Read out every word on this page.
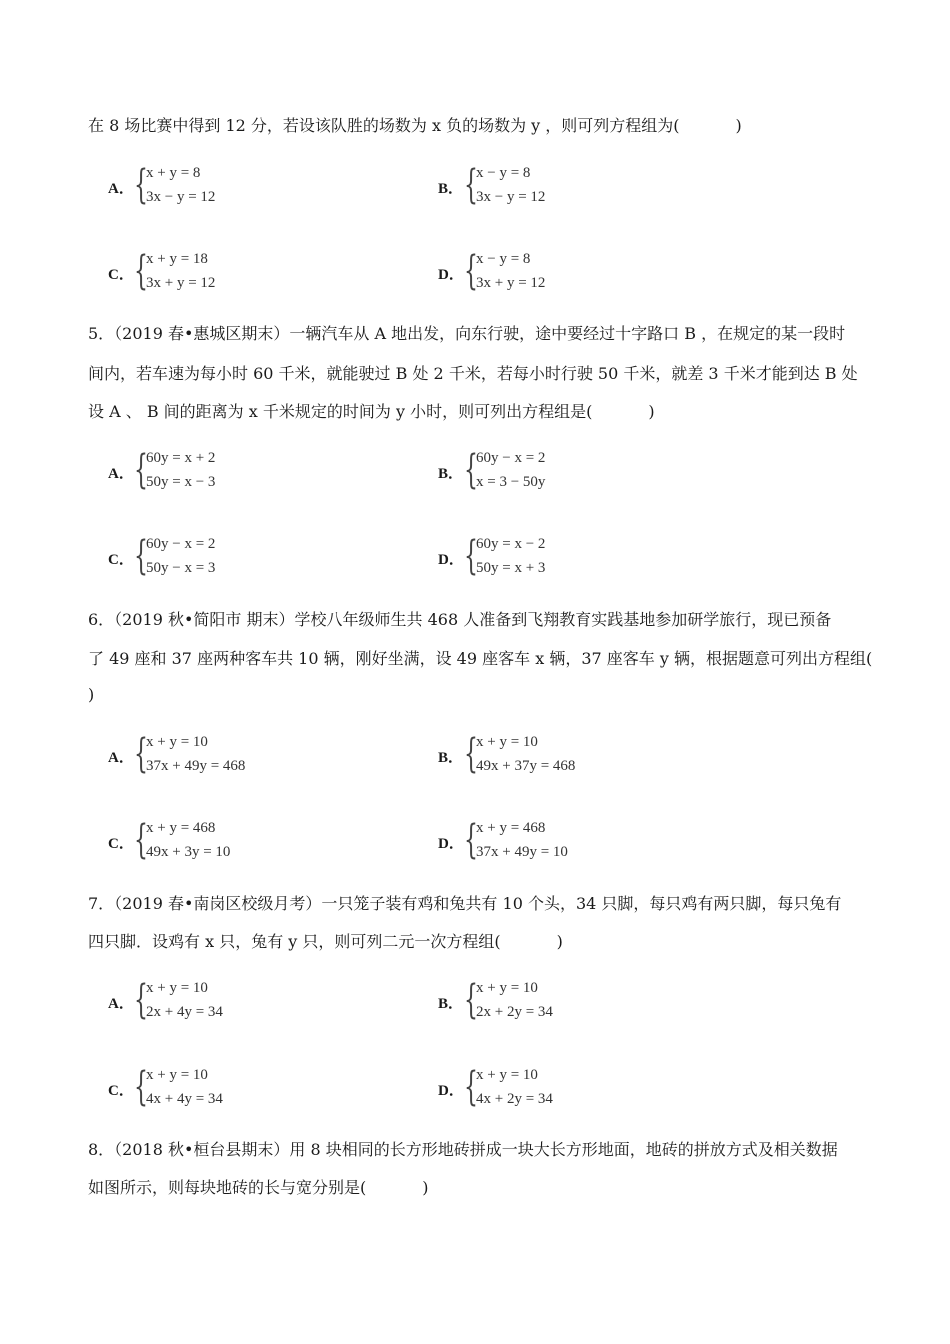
在 8 场比赛中得到 12 分，若设该队胜的场数为 x 负的场数为 y ，则可列方程组为(	)
A． {
x + y = 8
3x − y = 12	B． {
x − y = 8
3x − y = 12
C． {
x + y = 18
3x + y = 12	D． {
x − y = 8
3x + y = 12
5．（2019 春•惠城区期末）一辆汽车从 A 地出发，向东行驶，途中要经过十字路口 B ，在规定的某一段时
间内，若车速为每小时 60 千米，就能驶过 B 处 2 千米，若每小时行驶 50 千米，就差 3 千米才能到达 B 处
设 A 、 B 间的距离为 x 千米规定的时间为 y 小时，则可列出方程组是(	)
A． {
60y = x + 2
50y = x − 3	B． {
60y − x = 2
x = 3 − 50y
C． {
60y − x = 2
50y − x = 3	D． {
60y = x − 2
50y = x + 3
6．（2019 秋•简阳市 期末）学校八年级师生共 468 人准备到飞翔教育实践基地参加研学旅行，现已预备
了 49 座和 37 座两种客车共 10 辆，刚好坐满，设 49 座客车 x 辆，37 座客车 y 辆，根据题意可列出方程组(
)
A． {
x + y = 10
37x + 49y = 468	B． {
x + y = 10
49x + 37y = 468
C． {
x + y = 468
49x + 3y = 10	D． {
x + y = 468
37x + 49y = 10
7．（2019 春•南岗区校级月考）一只笼子装有鸡和兔共有 10 个头，34 只脚，每只鸡有两只脚，每只兔有
四只脚．设鸡有 x 只，兔有 y 只，则可列二元一次方程组(	)
A． {
x + y = 10
2x + 4y = 34	B． {
x + y = 10
2x + 2y = 34
C． {
x + y = 10
4x + 4y = 34	D． {
x + y = 10
4x + 2y = 34
8．（2018 秋•桓台县期末）用 8 块相同的长方形地砖拼成一块大长方形地面，地砖的拼放方式及相关数据
如图所示，则每块地砖的长与宽分别是(	)
